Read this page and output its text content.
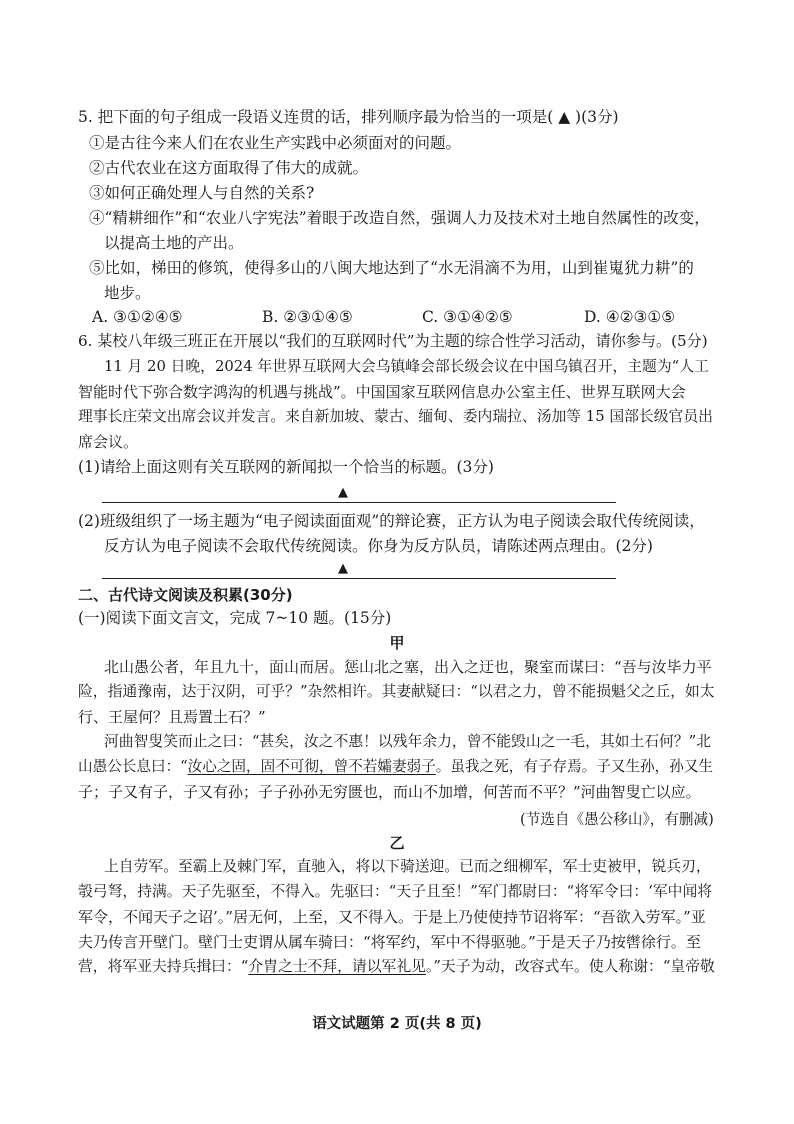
5. 把下面的句子组成一段语义连贯的话，排列顺序最为恰当的一项是( ▲ )(3分)
①是古往今来人们在农业生产实践中必须面对的问题。
②古代农业在这方面取得了伟大的成就。
③如何正确处理人与自然的关系?
④“精耕细作”和“农业八字宪法”着眼于改造自然，强调人力及技术对土地自然属性的改变，
以提高土地的产出。
⑤比如，梯田的修筑，使得多山的八闽大地达到了“水无涓滴不为用，山到崔嵬犹力耕”的
地步。
A. ③①②④⑤	B. ②③①④⑤	C. ③①④②⑤	D. ④②③①⑤
6. 某校八年级三班正在开展以“我们的互联网时代”为主题的综合性学习活动，请你参与。(5分)
11 月 20 日晚，2024 年世界互联网大会乌镇峰会部长级会议在中国乌镇召开，主题为“人工
智能时代下弥合数字鸿沟的机遇与挑战”。中国国家互联网信息办公室主任、世界互联网大会
理事长庄荣文出席会议并发言。来自新加坡、蒙古、缅甸、委内瑞拉、汤加等 15 国部长级官员出
席会议。
(1)请给上面这则有关互联网的新闻拟一个恰当的标题。(3分)
▲
(2)班级组织了一场主题为“电子阅读面面观”的辩论赛，正方认为电子阅读会取代传统阅读，
反方认为电子阅读不会取代传统阅读。你身为反方队员，请陈述两点理由。(2分)
▲
二、古代诗文阅读及积累(30分)
(一)阅读下面文言文，完成 7~10 题。(15分)
甲
北山愚公者，年且九十，面山而居。惩山北之塞，出入之迂也，聚室而谋曰：“吾与汝毕力平
险，指通豫南，达于汉阴，可乎？”杂然相许。其妻献疑曰：“以君之力，曾不能损魁父之丘，如太
行、王屋何？且焉置土石？”
河曲智叟笑而止之曰：“甚矣，汝之不惠！以残年余力，曾不能毁山之一毛，其如土石何？”北
山愚公长息曰：“汝心之固，固不可彻，曾不若孀妻弱子。虽我之死，有子存焉。子又生孙，孙又生
子；子又有子，子又有孙；子子孙孙无穷匮也，而山不加增，何苦而不平？”河曲智叟亡以应。
(节选自《愚公移山》，有删减)
乙
上自劳军。至霸上及棘门军，直驰入，将以下骑送迎。已而之细柳军，军士吏被甲，锐兵刃，
彀弓弩，持满。天子先驱至，不得入。先驱曰：“天子且至！”军门都尉曰：“将军令曰：‘军中闻将
军令，不闻天子之诏’。”居无何，上至，又不得入。于是上乃使使持节诏将军：“吾欲入劳军。”亚
夫乃传言开壁门。壁门士吏谓从属车骑曰：“将军约，军中不得驱驰。”于是天子乃按辔徐行。至
营，将军亚夫持兵揖曰：“介胄之士不拜，请以军礼见。”天子为动，改容式车。使人称谢：“皇帝敬
语文试题第 2 页(共 8 页)
